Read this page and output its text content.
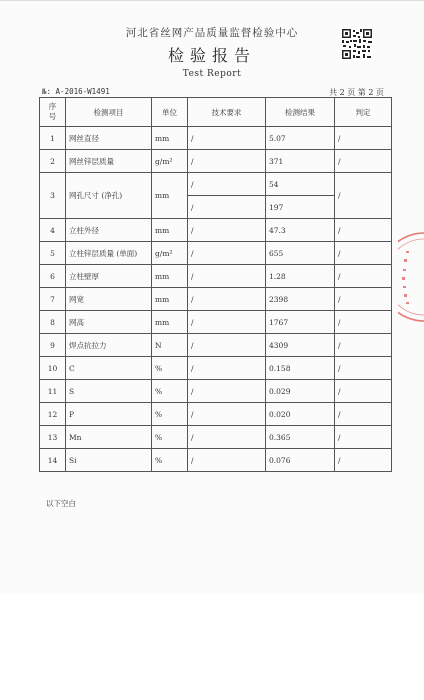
河北省丝网产品质量监督检验中心
检验报告
Test Report
№: A-2016-W1491	共 2 页 第 2 页
序
号	检测项目	单位	技术要求	检测结果	判定
1	网丝直径	mm	/	5.07	/
2	网丝锌层质量	g/m²	/	371	/
3	网孔尺寸 (净孔)	mm	/	54	/
			/	197	
4	立柱外径	mm	/	47.3	/
5	立柱锌层质量 (单面)	g/m²	/	655	/
6	立柱壁厚	mm	/	1.28	/
7	网宽	mm	/	2398	/
8	网高	mm	/	1767	/
9	焊点抗拉力	N	/	4309	/
10	C	%	/	0.158	/
11	S	%	/	0.029	/
12	P	%	/	0.020	/
13	Mn	%	/	0.365	/
14	Si	%	/	0.076	/
以下空白
